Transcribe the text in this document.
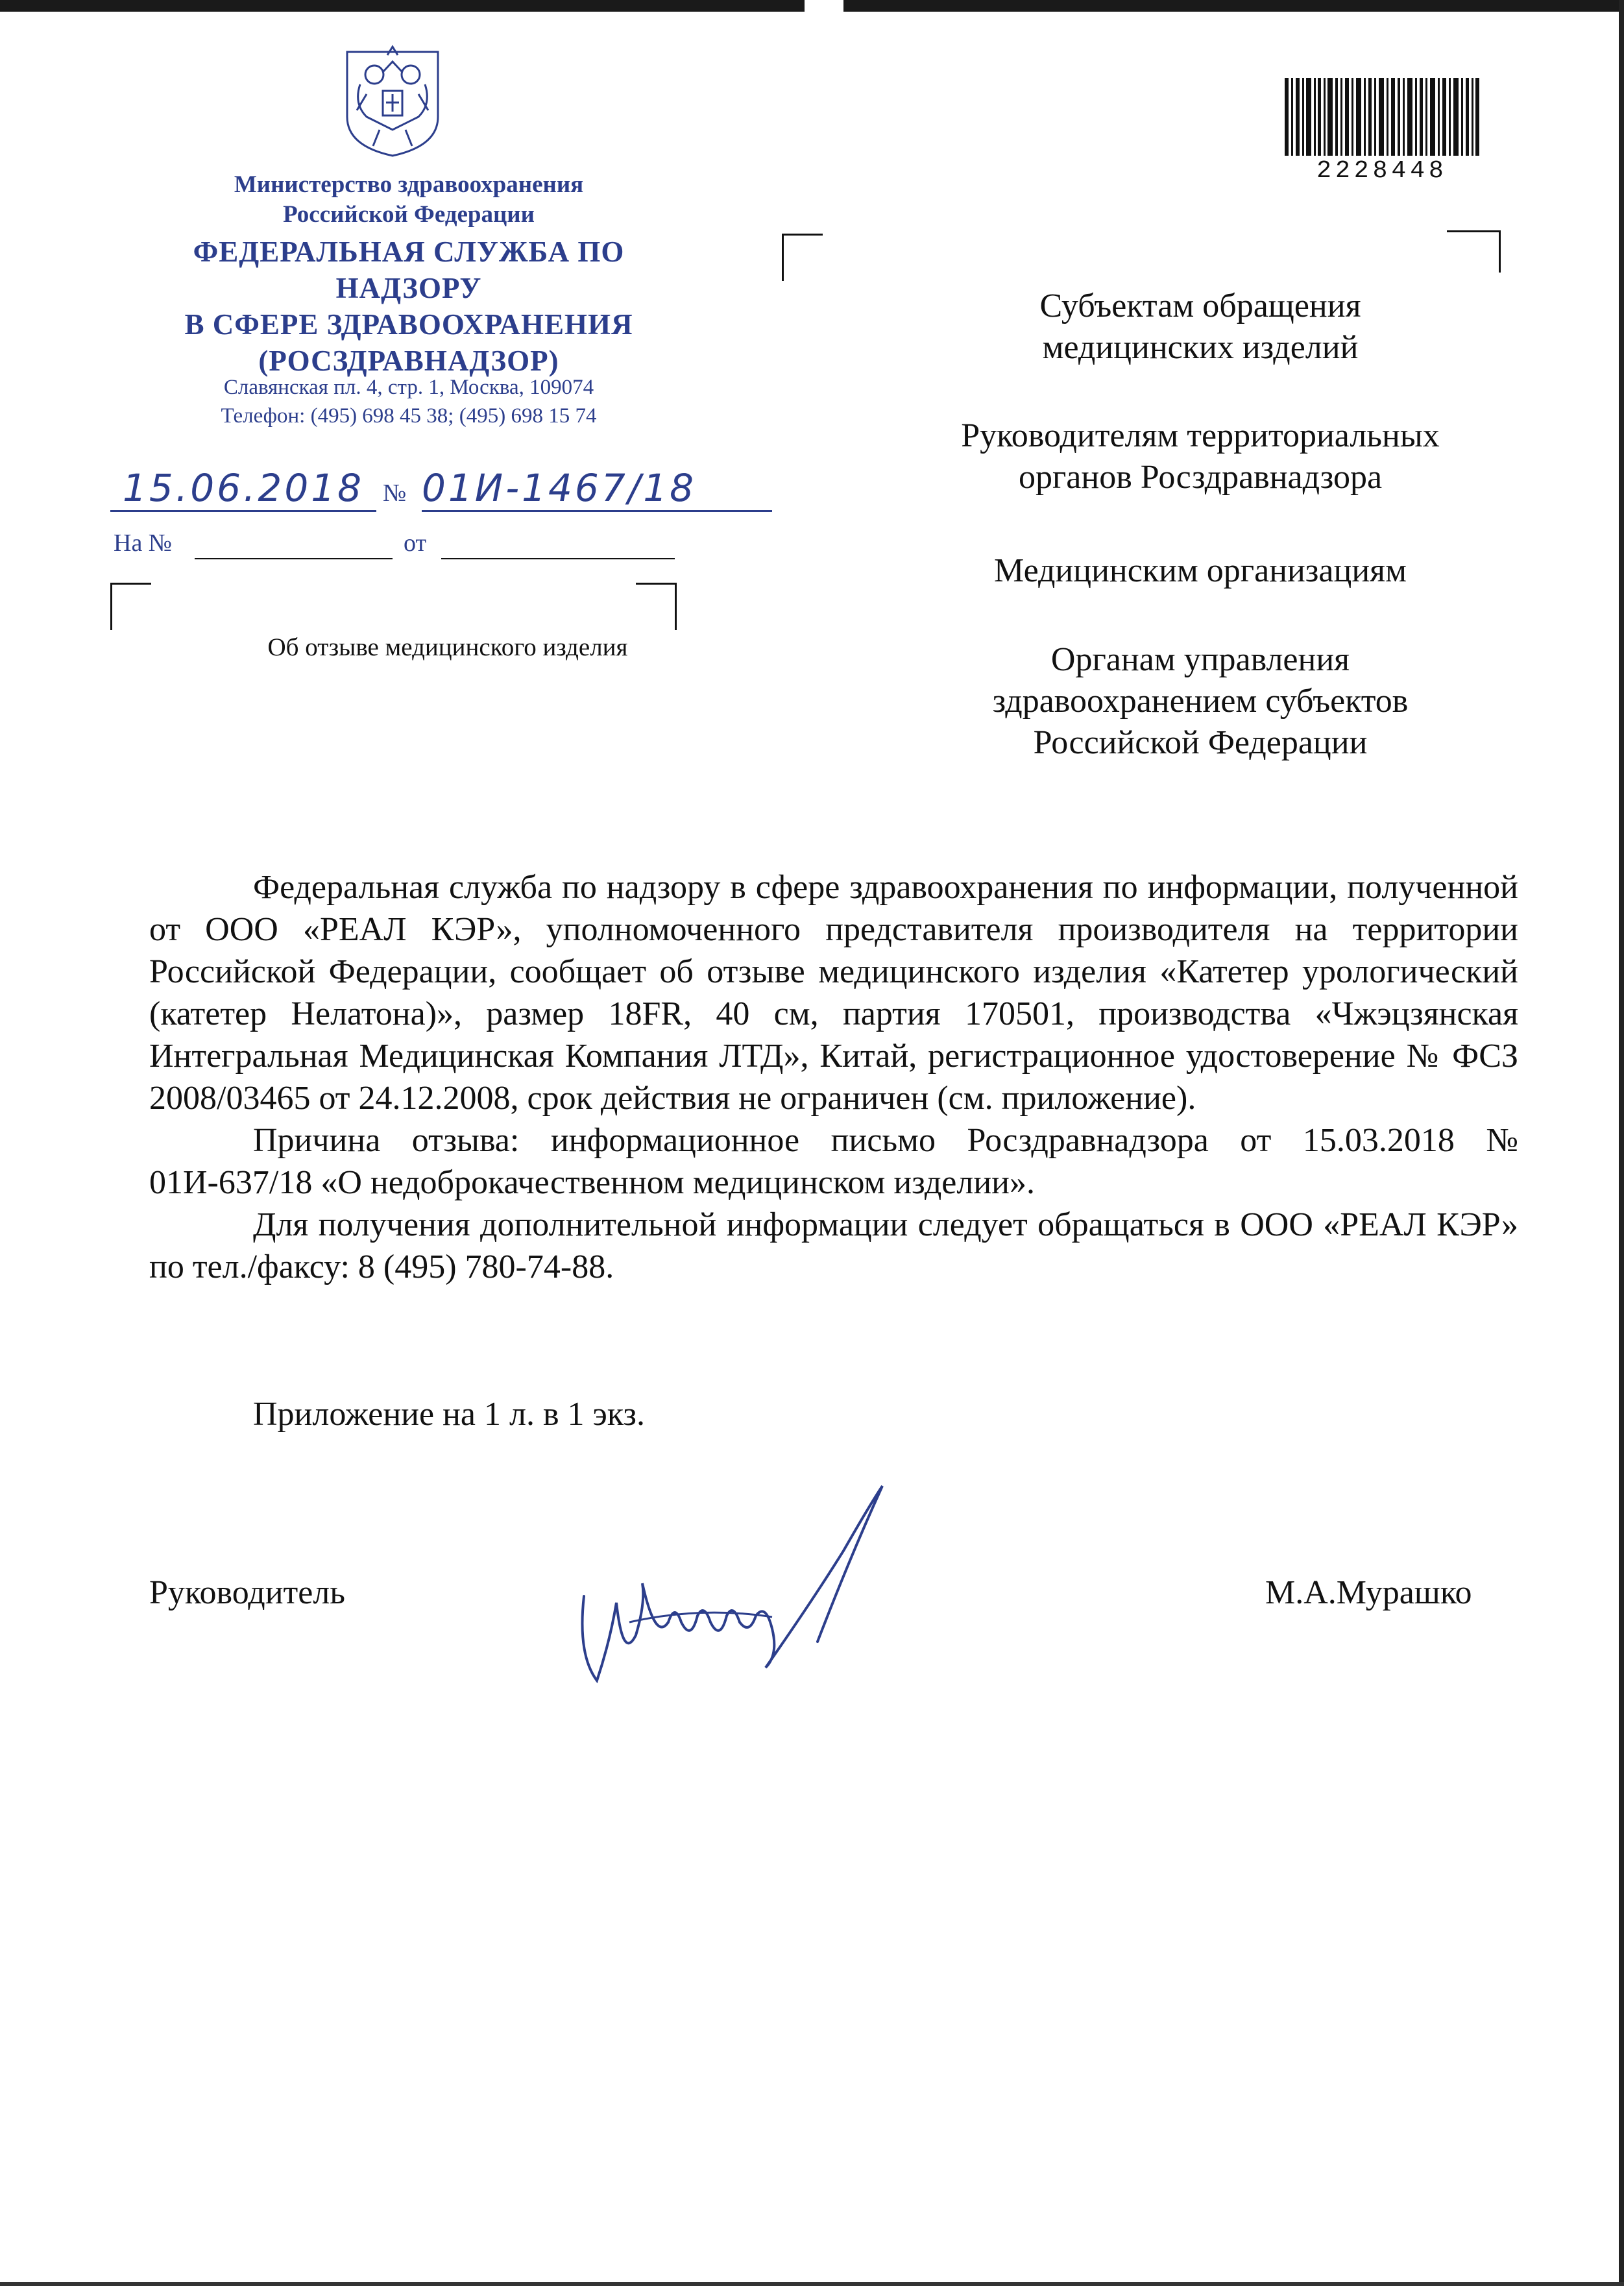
Министерство здравоохранения
Российской Федерации
ФЕДЕРАЛЬНАЯ СЛУЖБА ПО НАДЗОРУ
В СФЕРЕ ЗДРАВООХРАНЕНИЯ
(РОСЗДРАВНАДЗОР)
Славянская пл. 4, стр. 1, Москва, 109074
Телефон: (495) 698 45 38; (495) 698 15 74
15.06.2018 № 01И-1467/18
На №	от
Об отзыве медицинского изделия
2228448
Субъектам обращения
медицинских изделий
Руководителям территориальных
органов Росздравнадзора
Медицинским организациям
Органам управления
здравоохранением субъектов
Российской Федерации

Федеральная служба по надзору в сфере здравоохранения по информации, полученной от ООО «РЕАЛ КЭР», уполномоченного представителя производителя на территории Российской Федерации, сообщает об отзыве медицинского изделия «Катетер урологический (катетер Нелатона)», размер 18FR, 40 см, партия 170501, производства «Чжэцзянская Интегральная Медицинская Компания ЛТД», Китай, регистрационное удостоверение № ФСЗ 2008/03465 от 24.12.2008, срок действия не ограничен (см. приложение).

Причина отзыва: информационное письмо Росздравнадзора от 15.03.2018 № 01И-637/18 «О недоброкачественном медицинском изделии».

Для получения дополнительной информации следует обращаться в ООО «РЕАЛ КЭР» по тел./факсу: 8 (495) 780-74-88.

Приложение на 1 л. в 1 экз.
Руководитель	М.А.Мурашко
